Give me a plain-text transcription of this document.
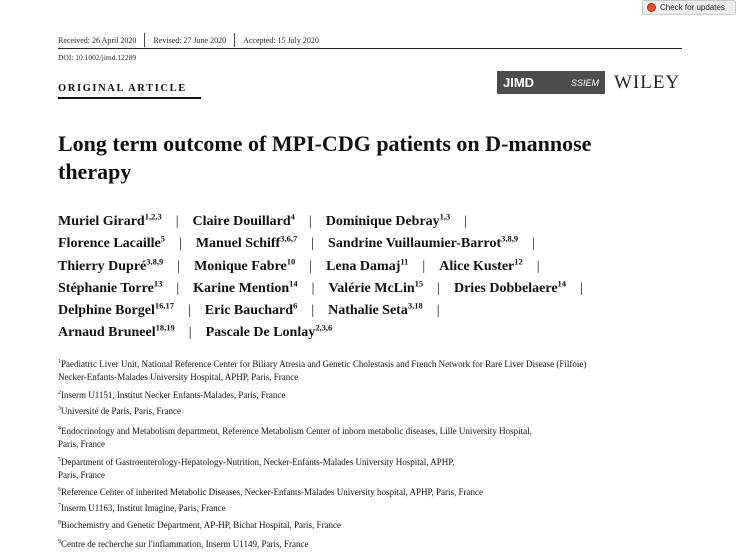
Check for updates
Received: 26 April 2020 Revised: 27 June 2020 Accepted: 15 July 2020
DOI: 10.1002/jimd.12289
ORIGINAL ARTICLE	JIMD	SSIEM WILEY
Long term outcome of MPI-CDG patients on D-mannose therapy
Muriel Girard$^{1,2,3}$ | Claire Douillard$^4$ | Dominique Debray$^{1,3}$ |
Florence Lacaille$^5$ | Manuel Schiff$^{3,6,7}$ | Sandrine Vuillaumier-Barrot$^{3,8,9}$ |
Thierry Dupré$^{3,8,9}$ | Monique Fabre$^{10}$ | Lena Damaj$^{11}$ | Alice Kuster$^{12}$ |
Stéphanie Torre$^{13}$ | Karine Mention$^{14}$ | Valérie McLin$^{15}$ | Dries Dobbelaere$^{14}$ |
Delphine Borgel$^{16,17}$ | Eric Bauchard$^6$ | Nathalie Seta$^{3,18}$ |
Arnaud Bruneel$^{18,19}$ | Pascale De Lonlay$^{2,3,6}$
$^1$Paediatric Liver Unit, National Reference Center for Biliary Atresia and Genetic Cholestasis and French Network for Rare Liver Disease (Filfoie)
Necker-Enfants-Malades University Hospital, APHP, Paris, France
$^2$Inserm U1151, Institut Necker Enfants-Malades, Paris, France
$^3$Université de Paris, Paris, France
$^4$Endocrinology and Metabolism department, Reference Metabolism Center of inborn metabolic diseases, Lille University Hospital,
Paris, France
$^5$Department of Gastroenterology-Hepatology-Nutrition, Necker-Enfants-Malades University Hospital, APHP,
Paris, France
$^6$Reference Center of inherited Metabolic Diseases, Necker-Enfants-Malades University hospital, APHP, Paris, France
$^7$Inserm U1163, Institut Imagine, Paris, France
$^8$Biochemistry and Genetic Department, AP-HP, Bichat Hospital, Paris, France
$^9$Centre de recherche sur l'inflammation, Inserm U1149, Paris, France
